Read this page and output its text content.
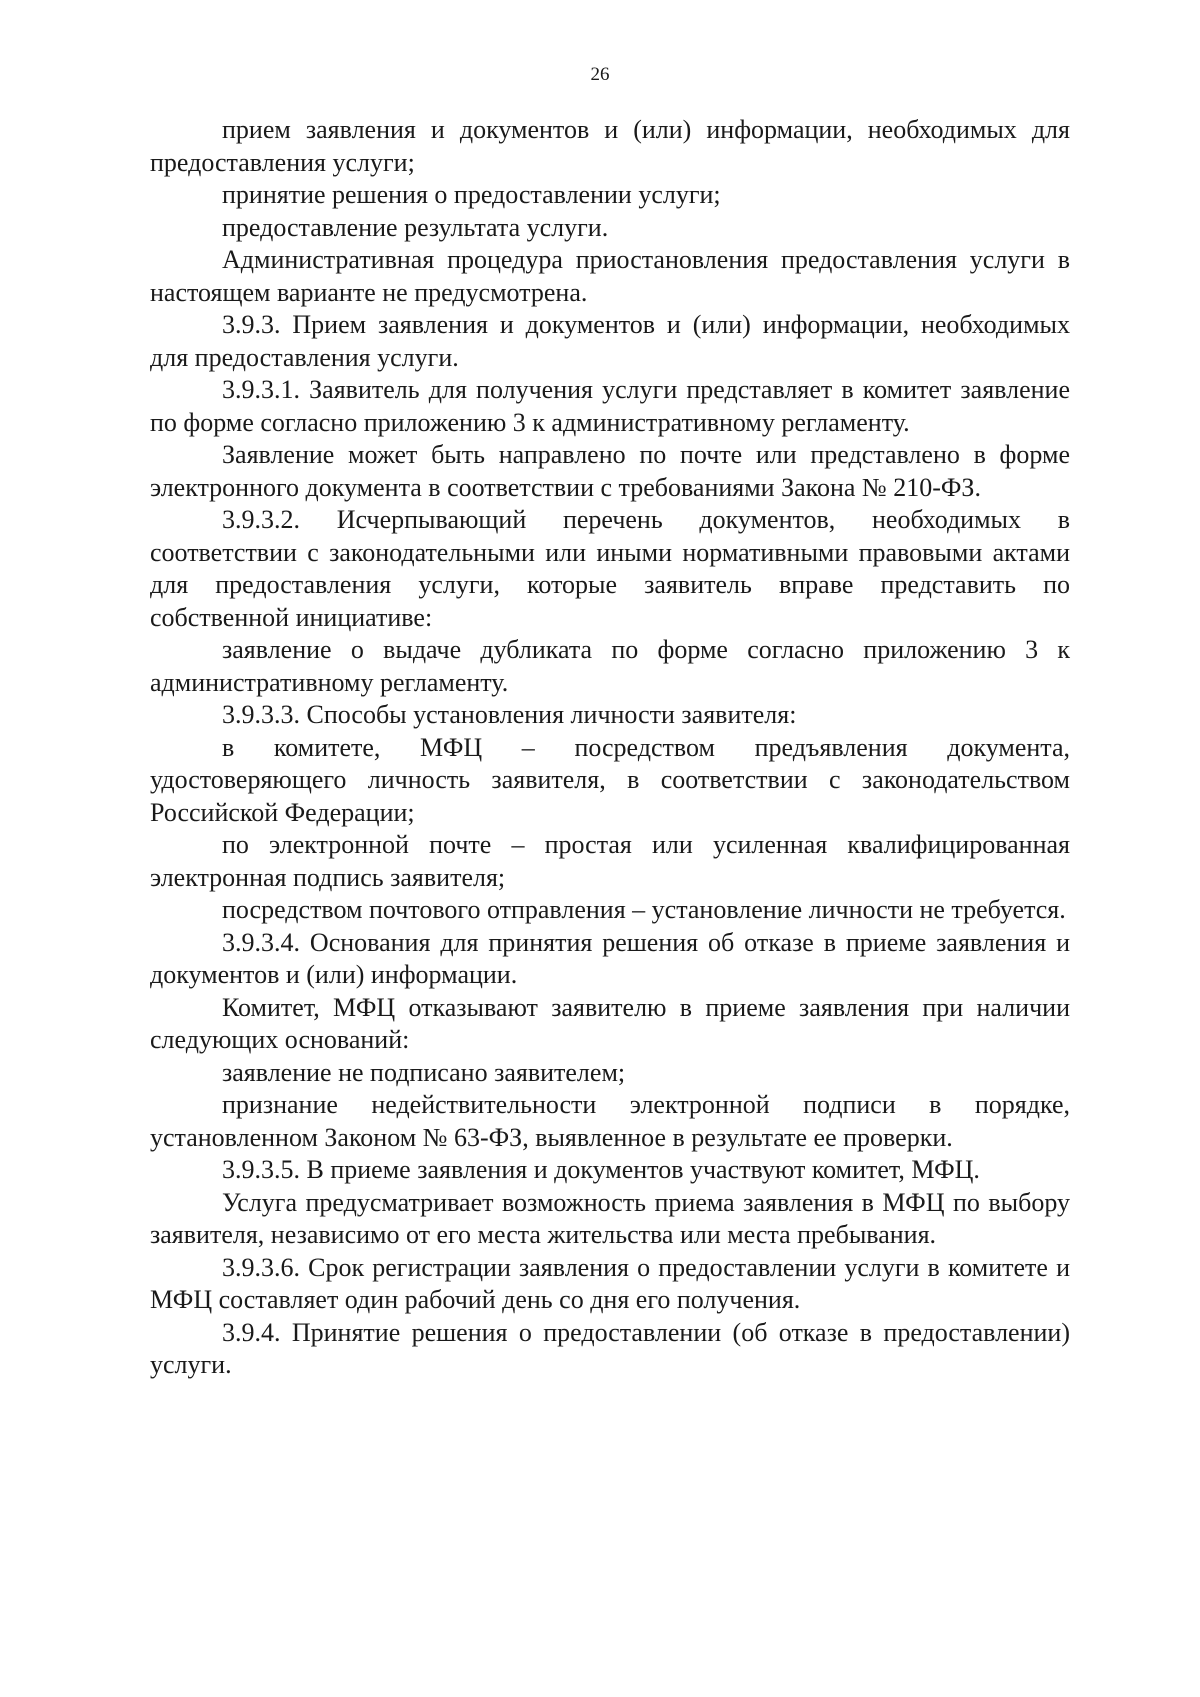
26

прием заявления и документов и (или) информации, необходимых для предоставления услуги;

принятие решения о предоставлении услуги;

предоставление результата услуги.

Административная процедура приостановления предоставления услуги в настоящем варианте не предусмотрена.

3.9.3. Прием заявления и документов и (или) информации, необходимых для предоставления услуги.

3.9.3.1. Заявитель для получения услуги представляет в комитет заявление по форме согласно приложению 3 к административному регламенту.

Заявление может быть направлено по почте или представлено в форме электронного документа в соответствии с требованиями Закона № 210-ФЗ.

3.9.3.2. Исчерпывающий перечень документов, необходимых в соответствии с законодательными или иными нормативными правовыми актами для предоставления услуги, которые заявитель вправе представить по собственной инициативе:

заявление о выдаче дубликата по форме согласно приложению 3 к административному регламенту.

3.9.3.3. Способы установления личности заявителя:

в комитете, МФЦ – посредством предъявления документа, удостоверяющего личность заявителя, в соответствии с законодательством Российской Федерации;

по электронной почте – простая или усиленная квалифицированная электронная подпись заявителя;

посредством почтового отправления – установление личности не требуется.

3.9.3.4. Основания для принятия решения об отказе в приеме заявления и документов и (или) информации.

Комитет, МФЦ отказывают заявителю в приеме заявления при наличии следующих оснований:

заявление не подписано заявителем;

признание недействительности электронной подписи в порядке, установленном Законом № 63-ФЗ, выявленное в результате ее проверки.

3.9.3.5. В приеме заявления и документов участвуют комитет, МФЦ.

Услуга предусматривает возможность приема заявления в МФЦ по выбору заявителя, независимо от его места жительства или места пребывания.

3.9.3.6. Срок регистрации заявления о предоставлении услуги в комитете и МФЦ составляет один рабочий день со дня его получения.

3.9.4. Принятие решения о предоставлении (об отказе в предоставлении) услуги.
